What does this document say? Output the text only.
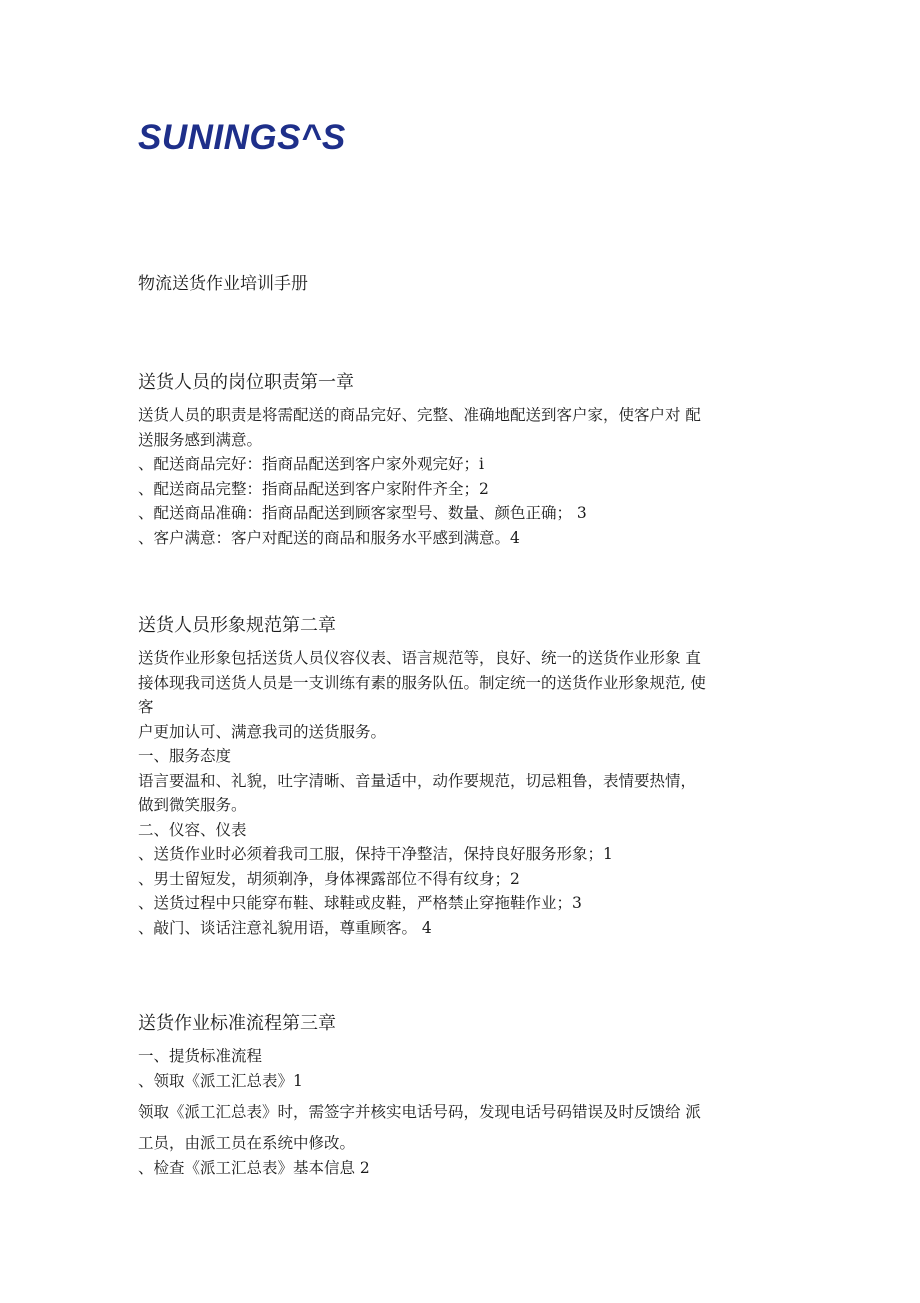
SUNINGS^S
物流送货作业培训手册
送货人员的岗位职责第一章

送货人员的职责是将需配送的商品完好、完整、准确地配送到客户家，使客户对 配

送服务感到满意。

、配送商品完好：指商品配送到客户家外观完好；i

、配送商品完整：指商品配送到客户家附件齐全；2

、配送商品准确：指商品配送到顾客家型号、数量、颜色正确； 3

、客户满意：客户对配送的商品和服务水平感到满意。4

送货人员形象规范第二章

送货作业形象包括送货人员仪容仪表、语言规范等，良好、统一的送货作业形象 直

接体现我司送货人员是一支训练有素的服务队伍。制定统一的送货作业形象规范, 使

客

户更加认可、满意我司的送货服务。

一、服务态度

语言要温和、礼貌，吐字清晰、音量适中，动作要规范，切忌粗鲁，表情要热情，

做到微笑服务。

二、仪容、仪表

、送货作业时必须着我司工服，保持干净整洁，保持良好服务形象；1

、男士留短发，胡须剃净，身体裸露部位不得有纹身；2

、送货过程中只能穿布鞋、球鞋或皮鞋，严格禁止穿拖鞋作业；3

、敲门、谈话注意礼貌用语，尊重顾客。 4

送货作业标准流程第三章

一、提货标准流程

、领取《派工汇总表》1

领取《派工汇总表》时，需签字并核实电话号码，发现电话号码错误及时反馈给 派

工员，由派工员在系统中修改。

、检查《派工汇总表》基本信息 2
